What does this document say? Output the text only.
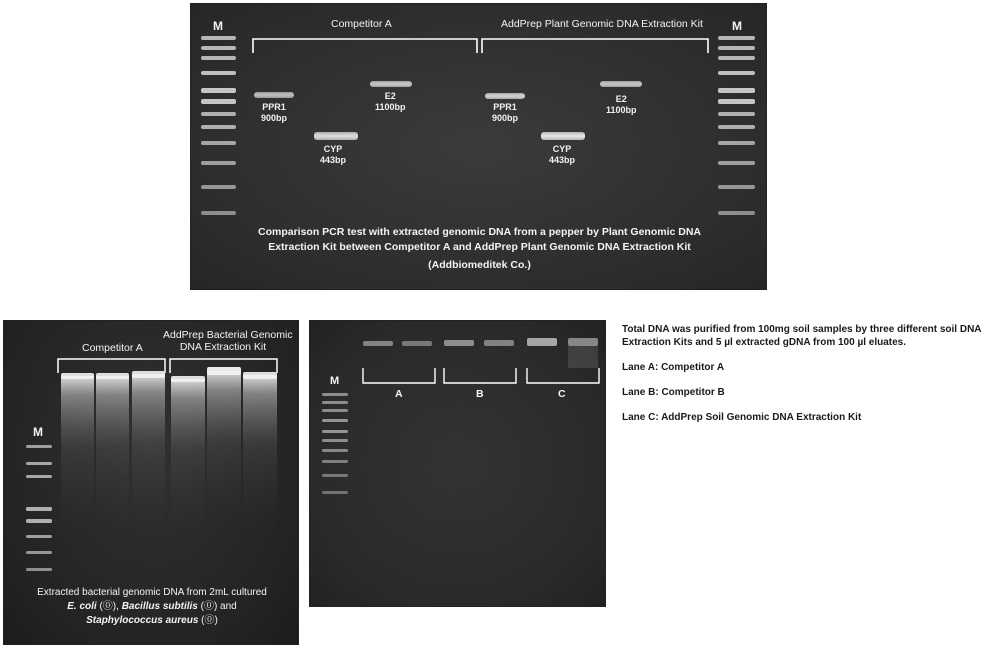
M	M
Competitor A	AddPrep Plant Genomic DNA Extraction Kit
PPR1
900bp
CYP
443bp
E2
1100bp	PPR1
900bp
CYP
443bp
E2
1100bp
Comparison PCR test with extracted genomic DNA from a pepper by Plant Genomic DNA
Extraction Kit between Competitor A and AddPrep Plant Genomic DNA Extraction Kit
(Addbiomeditek Co.)
M
Competitor A
AddPrep Bacterial Genomic
DNA Extraction Kit
Extracted bacterial genomic DNA from 2mL cultured
E. coli (⓪), Bacillus subtilis (⓪) and
Staphylococcus aureus (⓪)
M
A	B	C

Total DNA was purified from 100mg soil samples by three different soil DNA Extraction Kits and 5 µl extracted gDNA from 100 µl eluates.

Lane A: Competitor A

Lane B: Competitor B

Lane C: AddPrep Soil Genomic DNA Extraction Kit
